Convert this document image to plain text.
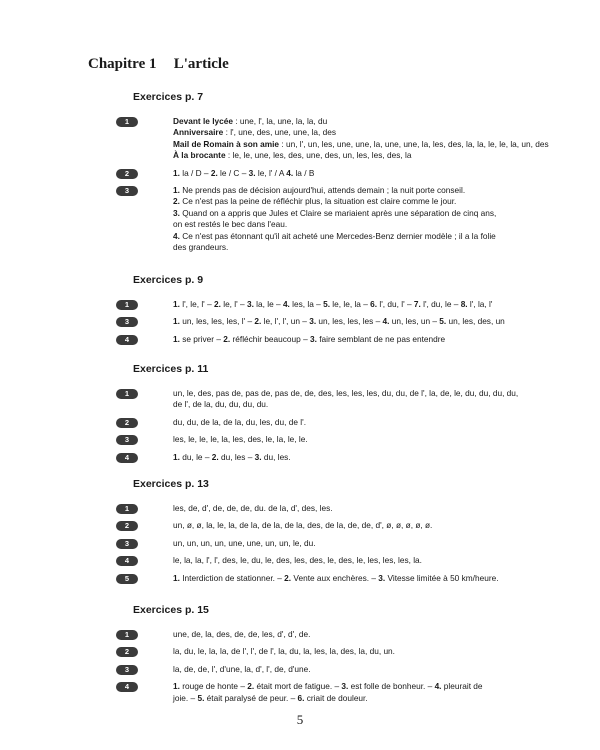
Chapitre 1 L'article
Exercices p. 7
1	Devant le lycée : une, l', la, une, la, la, du
Anniversaire : l', une, des, une, une, la, des
Mail de Romain à son amie : un, l', un, les, une, une, la, une, une, la, les, des, la, la, le, le, la, un, des
À la brocante : le, le, une, les, des, une, des, un, les, les, des, la
2	1. la / D – 2. le / C – 3. le, l' / A 4. la / B
3	1. Ne prends pas de décision aujourd'hui, attends demain ; la nuit porte conseil.
2. Ce n'est pas la peine de réfléchir plus, la situation est claire comme le jour.
3. Quand on a appris que Jules et Claire se mariaient après une séparation de cinq ans,
on est restés le bec dans l'eau.
4. Ce n'est pas étonnant qu'il ait acheté une Mercedes-Benz dernier modèle ; il a la folie
des grandeurs.
Exercices p. 9
1	1. l', le, l' – 2. le, l' – 3. la, le – 4. les, la – 5. le, le, la – 6. l', du, l' – 7. l', du, le – 8. l', la, l'
3	1. un, les, les, les, l' – 2. le, l', l', un – 3. un, les, les, les – 4. un, les, un – 5. un, les, des, un
4	1. se priver – 2. réfléchir beaucoup – 3. faire semblant de ne pas entendre
Exercices p. 11
1	un, le, des, pas de, pas de, pas de, de, des, les, les, les, du, du, de l', la, de, le, du, du, du, du,
de l', de la, du, du, du, du.
2	du, du, de la, de la, du, les, du, de l'.
3	les, le, le, le, la, les, des, le, la, le, le.
4	1. du, le – 2. du, les – 3. du, les.
Exercices p. 13
1	les, de, d', de, de, de, du. de la, d', des, les.
2	un, ø, ø, la, le, la, de la, de la, de la, des, de la, de, de, d', ø, ø, ø, ø, ø.
3	un, un, un, un, une, une, un, un, le, du.
4	le, la, la, l', l', des, le, du, le, des, les, des, le, des, le, les, les, les, la.
5	1. Interdiction de stationner. – 2. Vente aux enchères. – 3. Vitesse limitée à 50 km/heure.
Exercices p. 15
1	une, de, la, des, de, de, les, d', d', de.
2	la, du, le, la, la, de l', l', de l', la, du, la, les, la, des, la, du, un.
3	la, de, de, l', d'une, la, d', l', de, d'une.
4	1. rouge de honte – 2. était mort de fatigue. – 3. est folle de bonheur. – 4. pleurait de
joie. – 5. était paralysé de peur. – 6. criait de douleur.
5
